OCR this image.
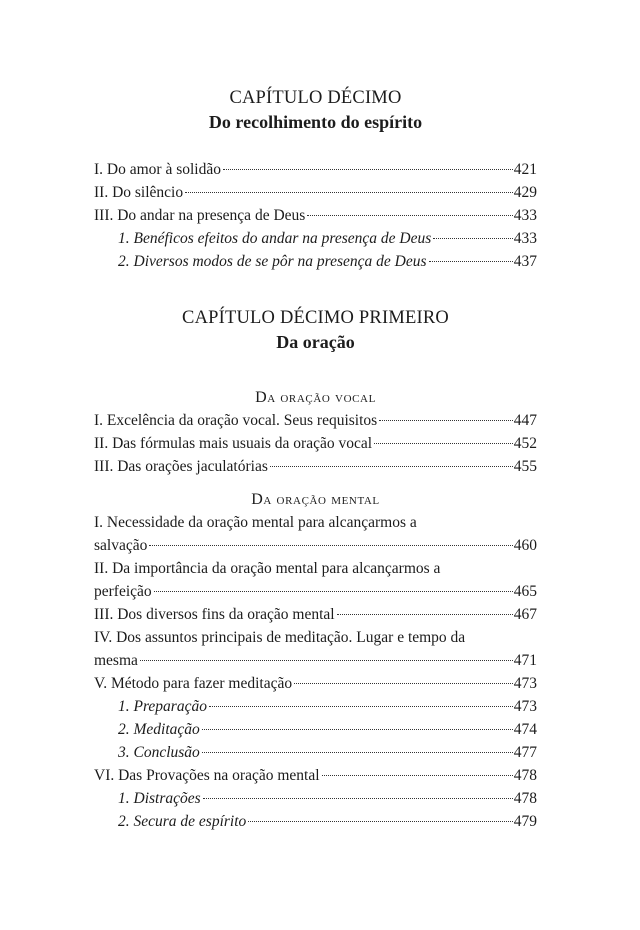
CAPÍTULO DÉCIMO
Do recolhimento do espírito
I. Do amor à solidão	421
II. Do silêncio	429
III. Do andar na presença de Deus	433
1. Benéficos efeitos do andar na presença de Deus	433
2. Diversos modos de se pôr na presença de Deus	437
CAPÍTULO DÉCIMO PRIMEIRO
Da oração
Da oração vocal
I. Excelência da oração vocal. Seus requisitos	447
II. Das fórmulas mais usuais da oração vocal	452
III. Das orações jaculatórias	455
Da oração mental
I. Necessidade da oração mental para alcançarmos a
salvação	460
II. Da importância da oração mental para alcançarmos a
perfeição	465
III. Dos diversos fins da oração mental	467
IV. Dos assuntos principais de meditação. Lugar e tempo da
mesma	471
V. Método para fazer meditação	473
1. Preparação	473
2. Meditação	474
3. Conclusão	477
VI. Das Provações na oração mental	478
1. Distrações	478
2. Secura de espírito	479
